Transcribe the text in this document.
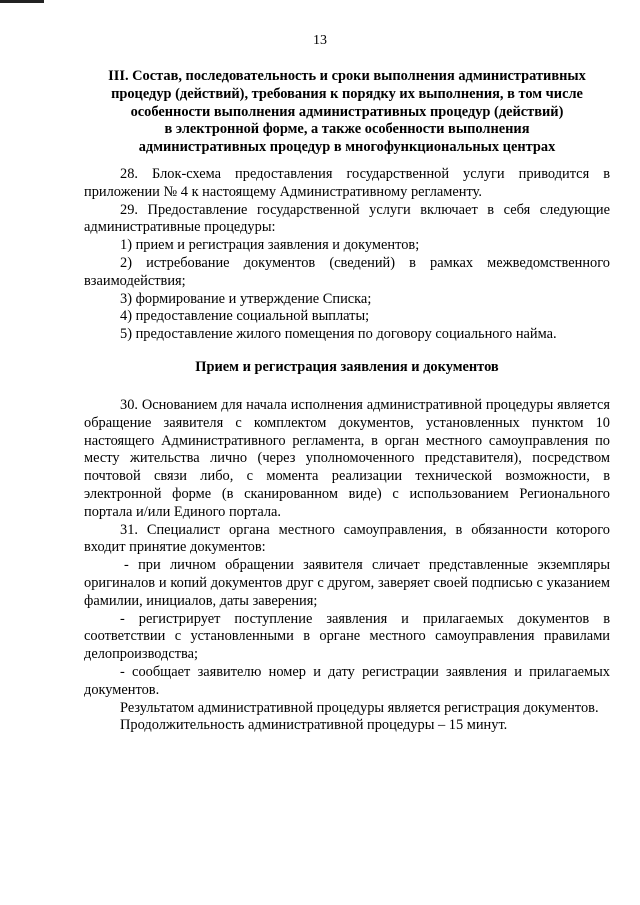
13
III. Состав, последовательность и сроки выполнения административных
процедур (действий), требования к порядку их выполнения, в том числе
особенности выполнения административных процедур (действий)
в электронной форме, а также особенности выполнения
административных процедур в многофункциональных центрах

28. Блок-схема предоставления государственной услуги приводится в приложении № 4 к настоящему Административному регламенту.

29. Предоставление государственной услуги включает в себя следующие административные процедуры:

1) прием и регистрация заявления и документов;

2) истребование документов (сведений) в рамках межведомственного взаимодействия;

3) формирование и утверждение Списка;

4) предоставление социальной выплаты;

5) предоставление жилого помещения по договору социального найма.

Прием и регистрация заявления и документов

30. Основанием для начала исполнения административной процедуры является обращение заявителя с комплектом документов, установленных пунктом 10 настоящего Административного регламента, в орган местного самоуправления по месту жительства лично (через уполномоченного представителя), посредством почтовой связи либо, с момента реализации технической возможности, в электронной форме (в сканированном виде) с использованием Регионального портала и/или Единого портала.

31. Специалист органа местного самоуправления, в обязанности которого входит принятие документов:

- при личном обращении заявителя сличает представленные экземпляры оригиналов и копий документов друг с другом, заверяет своей подписью с указанием фамилии, инициалов, даты заверения;

- регистрирует поступление заявления и прилагаемых документов в соответствии с установленными в органе местного самоуправления правилами делопроизводства;

- сообщает заявителю номер и дату регистрации заявления и прилагаемых документов.

Результатом административной процедуры является регистрация документов.

Продолжительность административной процедуры – 15 минут.
